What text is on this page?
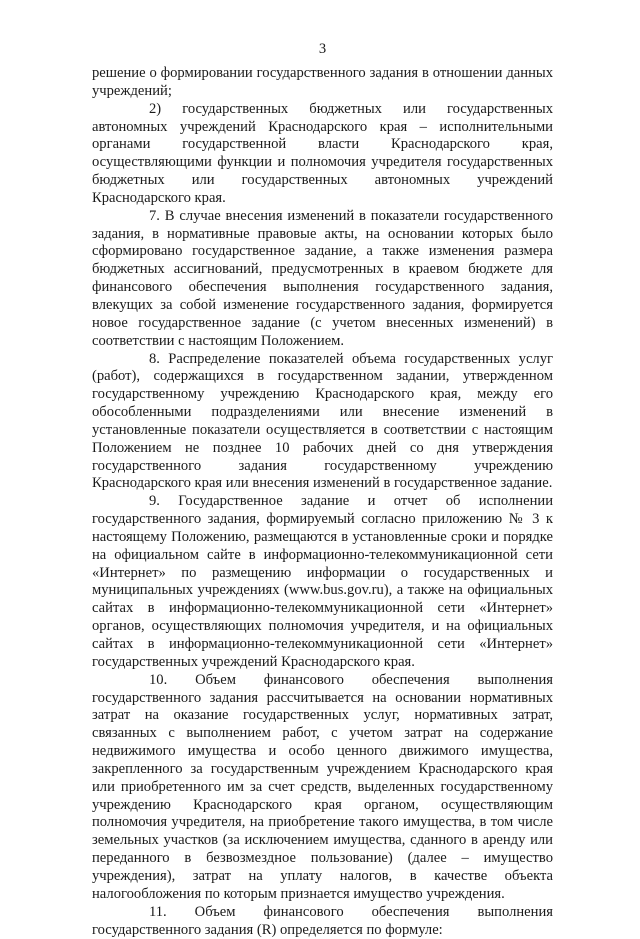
3

решение о формировании государственного задания в отношении данных учреждений;

2) государственных бюджетных или государственных автономных учреждений Краснодарского края – исполнительными органами государственной власти Краснодарского края, осуществляющими функции и полномочия учредителя государственных бюджетных или государственных автономных учреждений Краснодарского края.

7. В случае внесения изменений в показатели государственного задания, в нормативные правовые акты, на основании которых было сформировано государственное задание, а также изменения размера бюджетных ассигнований, предусмотренных в краевом бюджете для финансового обеспечения выполнения государственного задания, влекущих за собой изменение государственного задания, формируется новое государственное задание (с учетом внесенных изменений) в соответствии с настоящим Положением.

8. Распределение показателей объема государственных услуг (работ), содержащихся в государственном задании, утвержденном государственному учреждению Краснодарского края, между его обособленными подразделениями или внесение изменений в установленные показатели осуществляется в соответствии с настоящим Положением не позднее 10 рабочих дней со дня утверждения государственного задания государственному учреждению Краснодарского края или внесения изменений в государственное задание.

9. Государственное задание и отчет об исполнении государственного задания, формируемый согласно приложению № 3 к настоящему Положению, размещаются в установленные сроки и порядке на официальном сайте в информационно-телекоммуникационной сети «Интернет» по размещению информации о государственных и муниципальных учреждениях (www.bus.gov.ru), а также на официальных сайтах в информационно-телекоммуникационной сети «Интернет» органов, осуществляющих полномочия учредителя, и на официальных сайтах в информационно-телекоммуникационной сети «Интернет» государственных учреждений Краснодарского края.

10. Объем финансового обеспечения выполнения государственного задания рассчитывается на основании нормативных затрат на оказание государственных услуг, нормативных затрат, связанных с выполнением работ, с учетом затрат на содержание недвижимого имущества и особо ценного движимого имущества, закрепленного за государственным учреждением Краснодарского края или приобретенного им за счет средств, выделенных государственному учреждению Краснодарского края органом, осуществляющим полномочия учредителя, на приобретение такого имущества, в том числе земельных участков (за исключением имущества, сданного в аренду или переданного в безвозмездное пользование) (далее – имущество учреждения), затрат на уплату налогов, в качестве объекта налогообложения по которым признается имущество учреждения.

11. Объем финансового обеспечения выполнения государственного задания (R) определяется по формуле:
